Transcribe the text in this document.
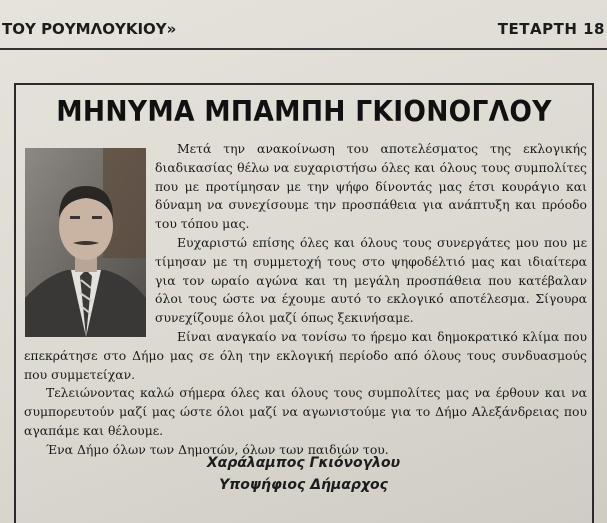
ΤΟΥ ΡΟΥΜΛΟΥΚΙΟΥ»	ΤΕΤΑΡΤΗ 18
ΜΗΝΥΜΑ ΜΠΑΜΠΗ ΓΚΙΟΝΟΓΛΟΥ

Μετά την ανακοίνωση του αποτελέσματος της εκλογικής διαδικασίας θέλω να ευχαριστήσω όλες και όλους τους συμπολίτες που με προτίμησαν με την ψήφο δίνοντάς μας έτσι κουράγιο και δύναμη να συνεχίσουμε την προσπάθεια για ανάπτυξη και πρόοδο του τόπου μας.

Ευχαριστώ επίσης όλες και όλους τους συνεργάτες μου που με τίμησαν με τη συμμετοχή τους στο ψηφοδέλτιό μας και ιδιαίτερα για τον ωραίο αγώνα και τη μεγάλη προσπάθεια που κατέβαλαν όλοι τους ώστε να έχουμε αυτό το εκλογικό αποτέλεσμα. Σίγουρα συνεχίζουμε όλοι μαζί όπως ξεκινήσαμε.

Είναι αναγκαίο να τονίσω το ήρεμο και δημοκρατικό κλίμα που επεκράτησε στο Δήμο μας σε όλη την εκλογική περίοδο από όλους τους συνδυασμούς που συμμετείχαν.

Τελειώνοντας καλώ σήμερα όλες και όλους τους συμπολίτες μας να έρθουν και να συμπορευτούν μαζί μας ώστε όλοι μαζί να αγωνιστούμε για το Δήμο Αλεξάνδρειας που αγαπάμε και θέλουμε.

Ένα Δήμο όλων των Δημοτών, όλων των παιδιών του.

Χαράλαμπος Γκιόνογλου
Υποψήφιος Δήμαρχος
